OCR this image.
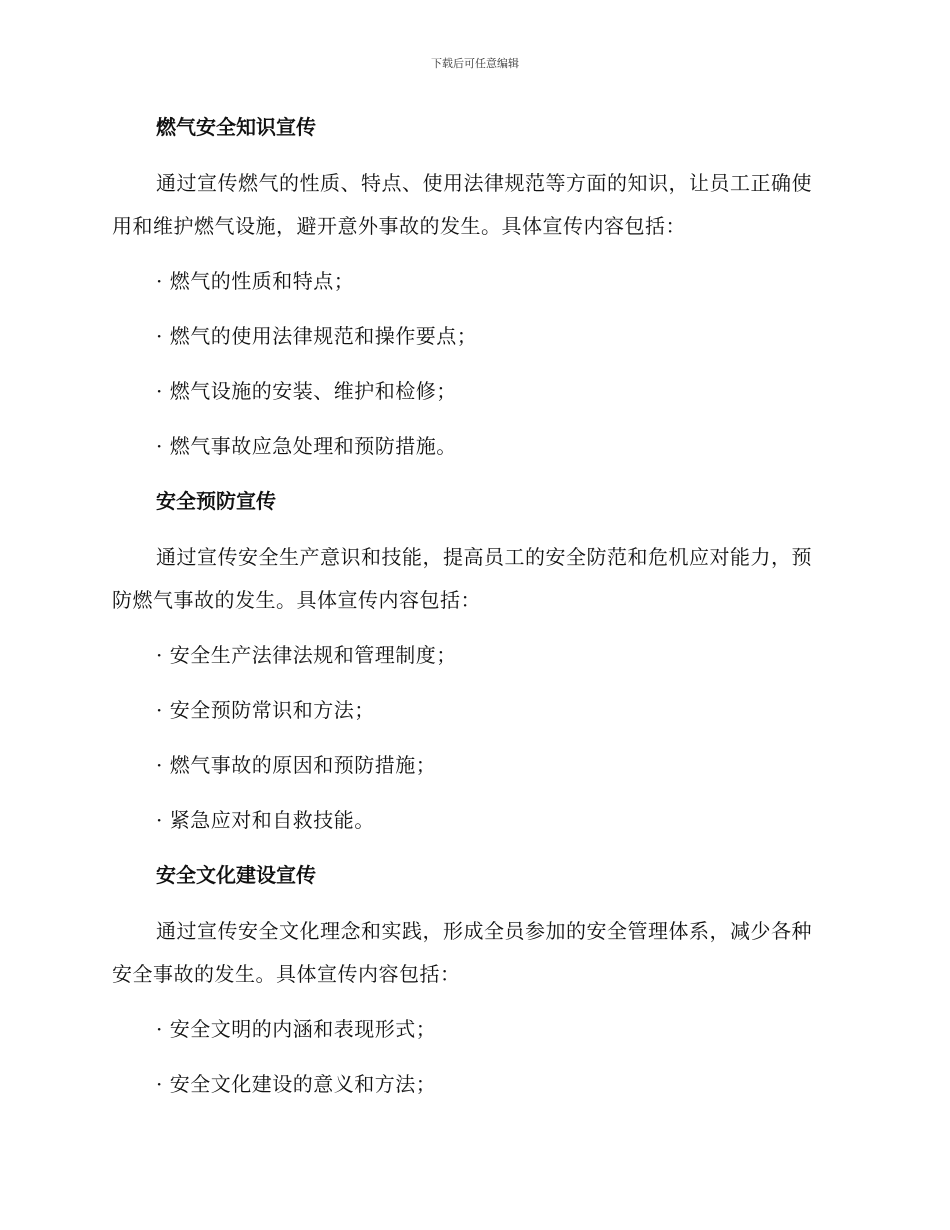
下载后可任意编辑
燃气安全知识宣传
通过宣传燃气的性质、特点、使用法律规范等方面的知识，让员工正确使用和维护燃气设施，避开意外事故的发生。具体宣传内容包括：
· 燃气的性质和特点；
· 燃气的使用法律规范和操作要点；
· 燃气设施的安装、维护和检修；
· 燃气事故应急处理和预防措施。
安全预防宣传
通过宣传安全生产意识和技能，提高员工的安全防范和危机应对能力，预防燃气事故的发生。具体宣传内容包括：
· 安全生产法律法规和管理制度；
· 安全预防常识和方法；
· 燃气事故的原因和预防措施；
· 紧急应对和自救技能。
安全文化建设宣传
通过宣传安全文化理念和实践，形成全员参加的安全管理体系，减少各种安全事故的发生。具体宣传内容包括：
· 安全文明的内涵和表现形式；
· 安全文化建设的意义和方法；
